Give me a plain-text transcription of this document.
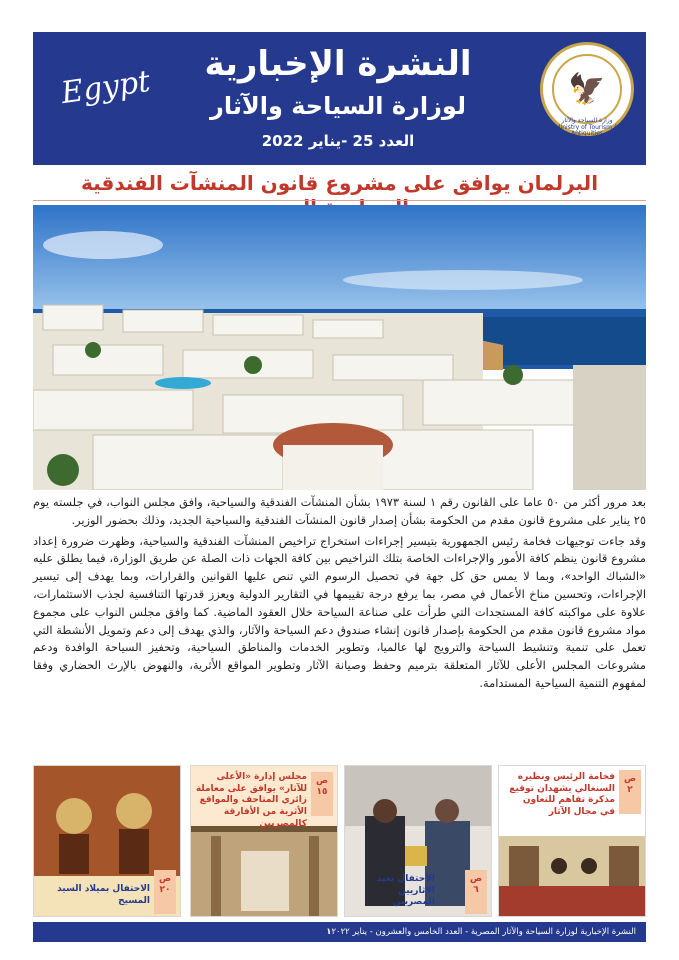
Egypt	النشرة الإخبارية
لوزارة السياحة والآثار
العدد 25 -يناير 2022
🦅
وزارة السياحة والآثار
Ministry of Tourism & Antiquities
البرلمان يوافق على مشروع قانون المنشآت الفندقية

بعد مرور أكثر من ٥٠ عاما على القانون رقم ١ لسنة ١٩٧٣ بشأن المنشآت الفندقية والسياحية، وافق مجلس النواب، في جلسته يوم ٢٥ يناير على مشروع قانون مقدم من الحكومة بشأن إصدار قانون المنشآت الفندقية والسياحية الجديد، وذلك بحضور الوزير.

وقد جاءت توجيهات فخامة رئيس الجمهورية بتيسير إجراءات استخراج تراخيص المنشآت الفندقية والسياحية، وظهرت ضرورة إعداد مشروع قانون ينظم كافة الأمور والإجراءات الخاصة بتلك التراخيص بين كافة الجهات ذات الصلة عن طريق الوزارة، فيما يطلق عليه «الشباك الواحد»، وبما لا يمس حق كل جهة في تحصيل الرسوم التي تنص عليها القوانين والقرارات، وبما يهدف إلى تيسير الإجراءات، وتحسين مناخ الأعمال في مصر، بما يرفع درجة تقييمها في التقارير الدولية ويعزز قدرتها التنافسية لجذب الاستثمارات، علاوة على مواكبته كافة المستجدات التي طرأت على صناعة السياحة خلال العقود الماضية. كما وافق مجلس النواب على مجموع مواد مشروع قانون مقدم من الحكومة بإصدار قانون إنشاء صندوق دعم السياحة والآثار، والذي يهدف إلى دعم وتمويل الأنشطة التي تعمل على تنمية وتنشيط السياحة والترويج لها عالميا، وتطوير الخدمات والمناطق السياحية، وتحفيز السياحة الوافدة ودعم مشروعات المجلس الأعلى للآثار المتعلقة بترميم وحفظ وصيانة الآثار وتطوير المواقع الأثرية، والنهوض بالإرث الحضاري وفقا لمفهوم التنمية السياحية المستدامة.

ص
٢
فخامة الرئيس ونظيره السنغالي يشهدان توقيع مذكرة تفاهم للتعاون في مجال الآثار
الاحتفال بعيد الأثاريين المصريين
ص
٦
ص
١٥
مجلس إدارة «الأعلى للآثار» يوافق على معاملة زائري المتاحف والمواقع الأثرية من الأفارقة كالمصريين
الاحتفال بميلاد السيد المسيح
ص
٢٠
النشرة الإخبارية لوزارة السياحة والآثار المصرية - العدد الخامس والعشرون - يناير ٢٠٢٢
١
